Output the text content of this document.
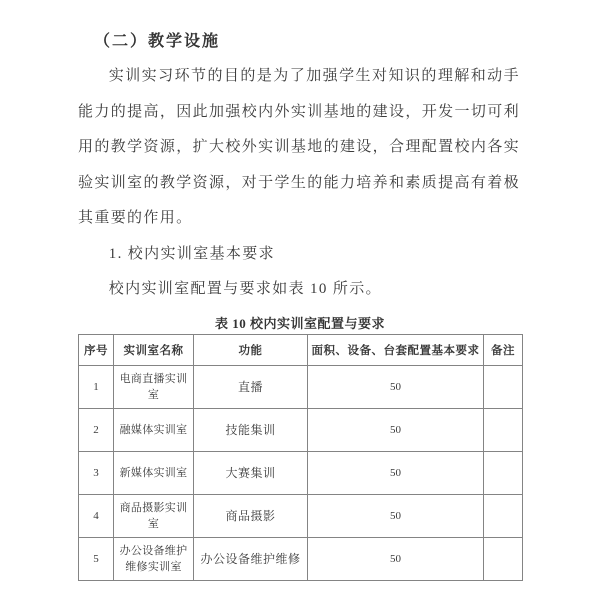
（二）教学设施

实训实习环节的目的是为了加强学生对知识的理解和动手能力的提高，因此加强校内外实训基地的建设，开发一切可利用的教学资源，扩大校外实训基地的建设，合理配置校内各实验实训室的教学资源，对于学生的能力培养和素质提高有着极其重要的作用。

1. 校内实训室基本要求

校内实训室配置与要求如表 10 所示。

表 10 校内实训室配置与要求
序号	实训室名称	功能	面积、设备、台套配置基本要求	备注
1	电商直播实训室	直播	50	
2	融媒体实训室	技能集训	50	
3	新媒体实训室	大赛集训	50	
4	商品摄影实训室	商品摄影	50	
5	办公设备维护维修实训室	办公设备维护维修	50	
